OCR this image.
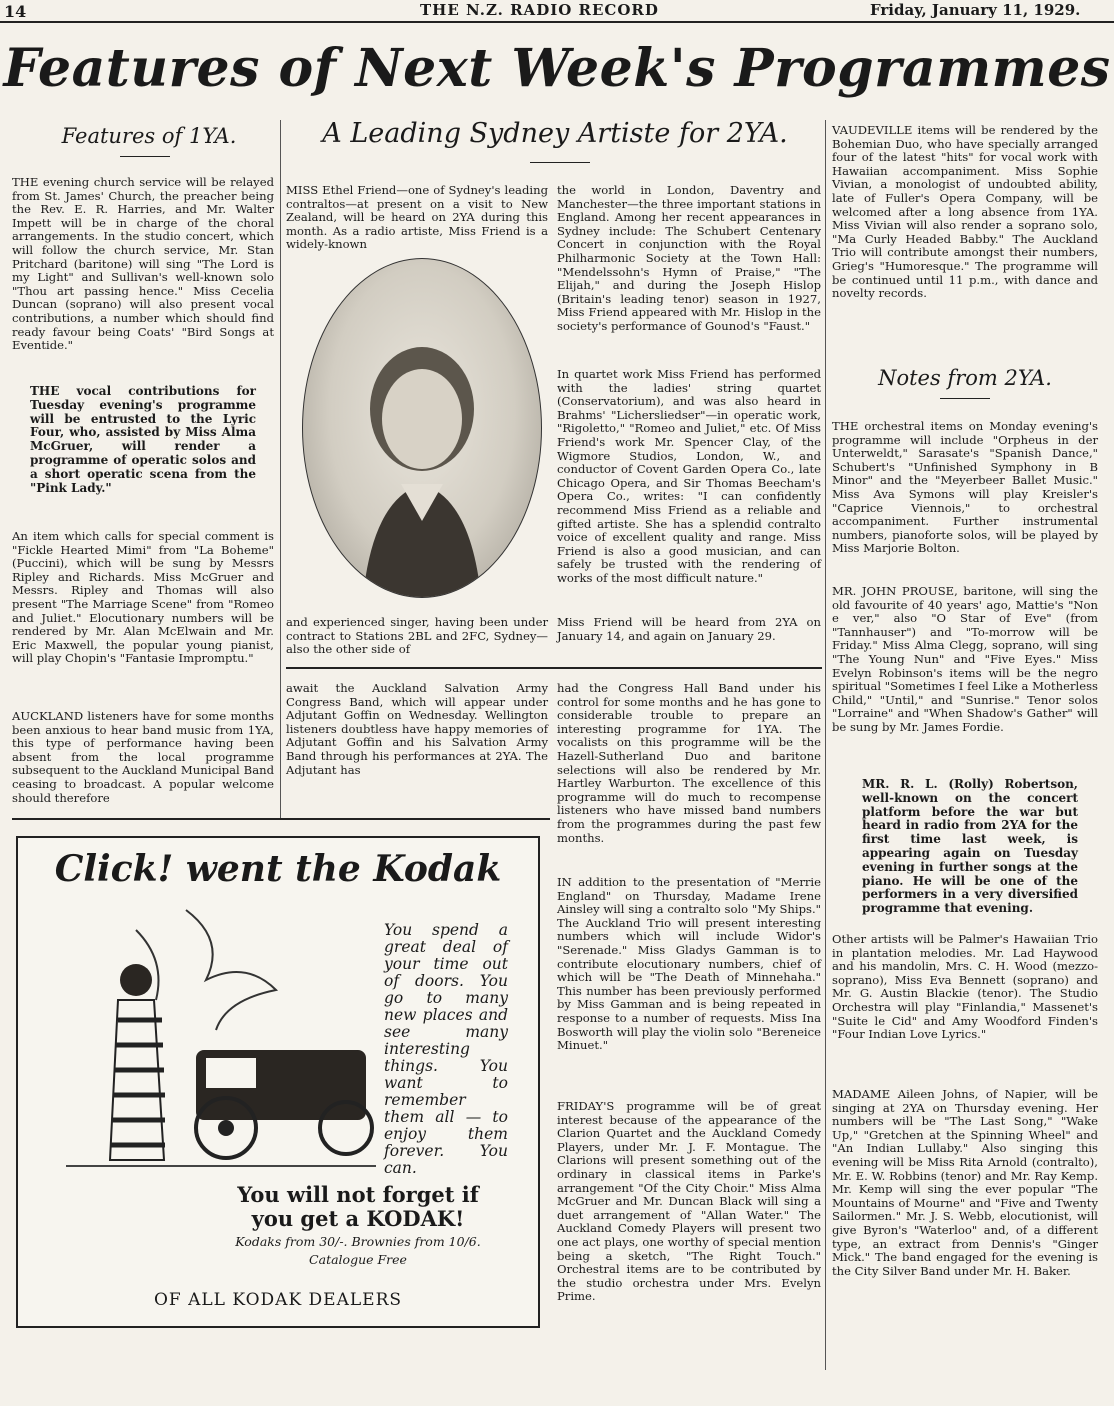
14	THE N.Z. RADIO RECORD	Friday, January 11, 1929.
Features of Next Week's Programmes
Features of 1YA.

THE evening church service will be relayed from St. James' Church, the preacher being the Rev. E. R. Harries, and Mr. Walter Impett will be in charge of the choral arrangements. In the studio concert, which will follow the church service, Mr. Stan Pritchard (baritone) will sing "The Lord is my Light" and Sullivan's well-known solo "Thou art passing hence." Miss Cecelia Duncan (soprano) will also present vocal contributions, a number which should find ready favour being Coats' "Bird Songs at Eventide."

THE vocal contributions for Tuesday evening's programme will be entrusted to the Lyric Four, who, assisted by Miss Alma McGruer, will render a programme of operatic solos and a short operatic scena from the "Pink Lady."

An item which calls for special comment is "Fickle Hearted Mimi" from "La Boheme" (Puccini), which will be sung by Messrs Ripley and Richards. Miss McGruer and Messrs. Ripley and Thomas will also present "The Marriage Scene" from "Romeo and Juliet." Elocutionary numbers will be rendered by Mr. Alan McElwain and Mr. Eric Maxwell, the popular young pianist, will play Chopin's "Fantasie Impromptu."

AUCKLAND listeners have for some months been anxious to hear band music from 1YA, this type of performance having been absent from the local programme subsequent to the Auckland Municipal Band ceasing to broadcast. A popular welcome should therefore

A Leading Sydney Artiste for 2YA.

MISS Ethel Friend—one of Sydney's leading contraltos—at present on a visit to New Zealand, will be heard on 2YA during this month. As a radio artiste, Miss Friend is a widely-known

and experienced singer, having been under contract to Stations 2BL and 2FC, Sydney—also the other side of

the world in London, Daventry and Manchester—the three important stations in England. Among her recent appearances in Sydney include: The Schubert Centenary Concert in conjunction with the Royal Philharmonic Society at the Town Hall: "Mendelssohn's Hymn of Praise," "The Elijah," and during the Joseph Hislop (Britain's leading tenor) season in 1927, Miss Friend appeared with Mr. Hislop in the society's performance of Gounod's "Faust."

In quartet work Miss Friend has performed with the ladies' string quartet (Conservatorium), and was also heard in Brahms' "Lichersliedser"—in operatic work, "Rigoletto," "Romeo and Juliet," etc. Of Miss Friend's work Mr. Spencer Clay, of the Wigmore Studios, London, W., and conductor of Covent Garden Opera Co., late Chicago Opera, and Sir Thomas Beecham's Opera Co., writes: "I can confidently recommend Miss Friend as a reliable and gifted artiste. She has a splendid contralto voice of excellent quality and range. Miss Friend is also a good musician, and can safely be trusted with the rendering of works of the most difficult nature."

Miss Friend will be heard from 2YA on January 14, and again on January 29.

await the Auckland Salvation Army Congress Band, which will appear under Adjutant Goffin on Wednesday. Wellington listeners doubtless have happy memories of Adjutant Goffin and his Salvation Army Band through his performances at 2YA. The Adjutant has

had the Congress Hall Band under his control for some months and he has gone to considerable trouble to prepare an interesting programme for 1YA. The vocalists on this programme will be the Hazell-Sutherland Duo and baritone selections will also be rendered by Mr. Hartley Warburton. The excellence of this programme will do much to recompense listeners who have missed band numbers from the programmes during the past few months.

IN addition to the presentation of "Merrie England" on Thursday, Madame Irene Ainsley will sing a contralto solo "My Ships." The Auckland Trio will present interesting numbers which will include Widor's "Serenade." Miss Gladys Gamman is to contribute elocutionary numbers, chief of which will be "The Death of Minnehaha." This number has been previously performed by Miss Gamman and is being repeated in response to a number of requests. Miss Ina Bosworth will play the violin solo "Bereneice Minuet."

FRIDAY'S programme will be of great interest because of the appearance of the Clarion Quartet and the Auckland Comedy Players, under Mr. J. F. Montague. The Clarions will present something out of the ordinary in classical items in Parke's arrangement "Of the City Choir." Miss Alma McGruer and Mr. Duncan Black will sing a duet arrangement of "Allan Water." The Auckland Comedy Players will present two one act plays, one worthy of special mention being a sketch, "The Right Touch." Orchestral items are to be contributed by the studio orchestra under Mrs. Evelyn Prime.

VAUDEVILLE items will be rendered by the Bohemian Duo, who have specially arranged four of the latest "hits" for vocal work with Hawaiian accompaniment. Miss Sophie Vivian, a monologist of undoubted ability, late of Fuller's Opera Company, will be welcomed after a long absence from 1YA. Miss Vivian will also render a soprano solo, "Ma Curly Headed Babby." The Auckland Trio will contribute amongst their numbers, Grieg's "Humoresque." The programme will be continued until 11 p.m., with dance and novelty records.

Notes from 2YA.

THE orchestral items on Monday evening's programme will include "Orpheus in der Unterweldt," Sarasate's "Spanish Dance," Schubert's "Unfinished Symphony in B Minor" and the "Meyerbeer Ballet Music." Miss Ava Symons will play Kreisler's "Caprice Viennois," to orchestral accompaniment. Further instrumental numbers, pianoforte solos, will be played by Miss Marjorie Bolton.

MR. JOHN PROUSE, baritone, will sing the old favourite of 40 years' ago, Mattie's "Non e ver," also "O Star of Eve" (from "Tannhauser") and "To-morrow will be Friday." Miss Alma Clegg, soprano, will sing "The Young Nun" and "Five Eyes." Miss Evelyn Robinson's items will be the negro spiritual "Sometimes I feel Like a Motherless Child," "Until," and "Sunrise." Tenor solos "Lorraine" and "When Shadow's Gather" will be sung by Mr. James Fordie.

MR. R. L. (Rolly) Robertson, well-known on the concert platform before the war but heard in radio from 2YA for the first time last week, is appearing again on Tuesday evening in further songs at the piano. He will be one of the performers in a very diversified programme that evening.

Other artists will be Palmer's Hawaiian Trio in plantation melodies. Mr. Lad Haywood and his mandolin, Mrs. C. H. Wood (mezzo-soprano), Miss Eva Bennett (soprano) and Mr. G. Austin Blackie (tenor). The Studio Orchestra will play "Finlandia," Massenet's "Suite le Cid" and Amy Woodford Finden's "Four Indian Love Lyrics."

MADAME Aileen Johns, of Napier, will be singing at 2YA on Thursday evening. Her numbers will be "The Last Song," "Wake Up," "Gretchen at the Spinning Wheel" and "An Indian Lullaby." Also singing this evening will be Miss Rita Arnold (contralto), Mr. E. W. Robbins (tenor) and Mr. Ray Kemp. Mr. Kemp will sing the ever popular "The Mountains of Mourne" and "Five and Twenty Sailormen." Mr. J. S. Webb, elocutionist, will give Byron's "Waterloo" and, of a different type, an extract from Dennis's "Ginger Mick." The band engaged for the evening is the City Silver Band under Mr. H. Baker.

Click! went the Kodak
You spend a great deal of your time out of doors. You go to many new places and see many interesting things. You want to remember them all — to enjoy them forever. You can.
You will not forget if
you get a KODAK!
Kodaks from 30/-. Brownies from 10/6.
Catalogue Free
OF ALL KODAK DEALERS
